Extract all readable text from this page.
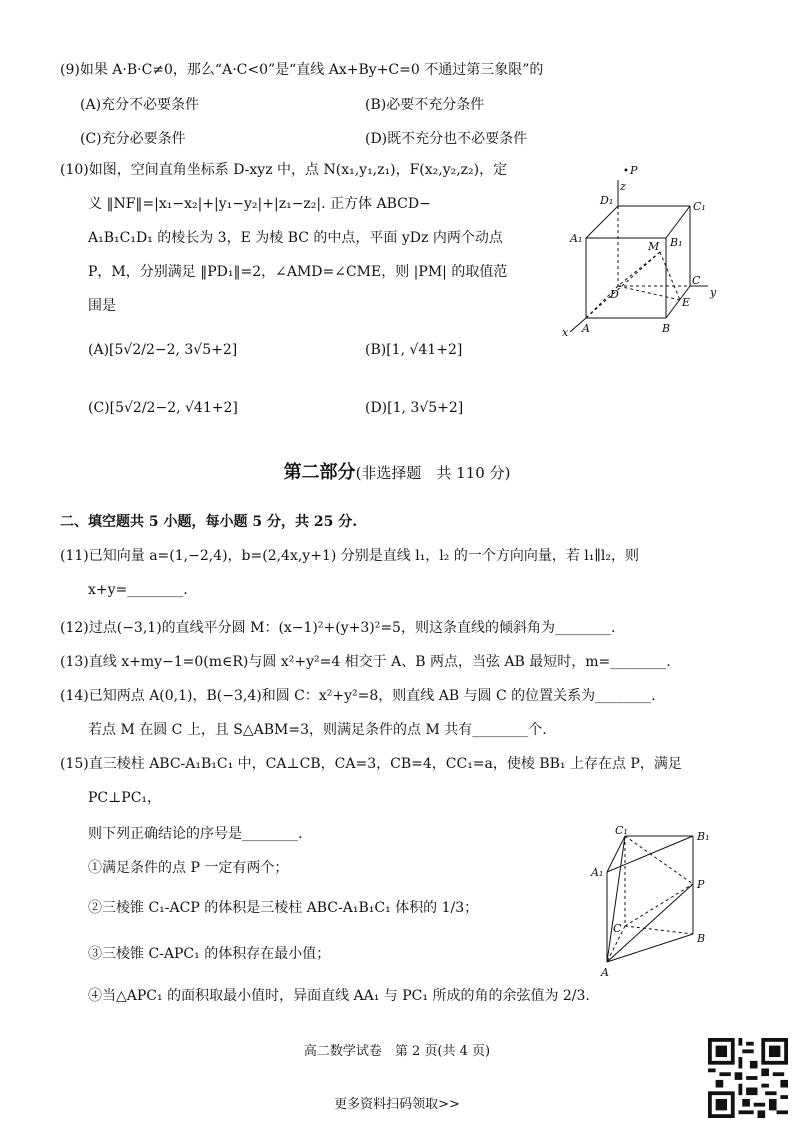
(9)如果 A·B·C≠0，那么“A·C<0”是“直线 Ax+By+C=0 不通过第三象限”的
(A)充分不必要条件	(B)必要不充分条件
(C)充分必要条件	(D)既不充分也不必要条件
(10)如图，空间直角坐标系 D-xyz 中，点 N(x₁,y₁,z₁)，F(x₂,y₂,z₂)，定
义 ‖NF‖=|x₁−x₂|+|y₁−y₂|+|z₁−z₂|. 正方体 ABCD−
A₁B₁C₁D₁ 的棱长为 3，E 为棱 BC 的中点，平面 yDz 内两个动点
P，M，分别满足 ‖PD₁‖=2，∠AMD=∠CME，则 |PM| 的取值范
围是
(A)[5√2/2−2, 3√5+2]	(B)[1, √41+2]
(C)[5√2/2−2, √41+2]	(D)[1, 3√5+2]
P
z
D₁	C₁
A₁
M B₁
C
D	y
E
x A	B
第二部分(非选择题　共 110 分)
二、填空题共 5 小题，每小题 5 分，共 25 分.
(11)已知向量 a=(1,−2,4)，b=(2,4x,y+1) 分别是直线 l₁，l₂ 的一个方向向量，若 l₁∥l₂，则
x+y=________.
(12)过点(−3,1)的直线平分圆 M：(x−1)²+(y+3)²=5，则这条直线的倾斜角为________.
(13)直线 x+my−1=0(m∈R)与圆 x²+y²=4 相交于 A、B 两点，当弦 AB 最短时，m=________.
(14)已知两点 A(0,1)，B(−3,4)和圆 C：x²+y²=8，则直线 AB 与圆 C 的位置关系为________.
若点 M 在圆 C 上，且 S△ABM=3，则满足条件的点 M 共有________个.
(15)直三棱柱 ABC-A₁B₁C₁ 中，CA⊥CB，CA=3，CB=4，CC₁=a，使棱 BB₁ 上存在点 P，满足
PC⊥PC₁，
则下列正确结论的序号是________.
①满足条件的点 P 一定有两个；
②三棱锥 C₁-ACP 的体积是三棱柱 ABC-A₁B₁C₁ 体积的 1/3；
③三棱锥 C-APC₁ 的体积存在最小值；
④当△APC₁ 的面积取最小值时，异面直线 AA₁ 与 PC₁ 所成的角的余弦值为 2/3.
C₁	B₁
A₁
P
C
B
A
高二数学试卷　第 2 页(共 4 页)
更多资料扫码领取>>
